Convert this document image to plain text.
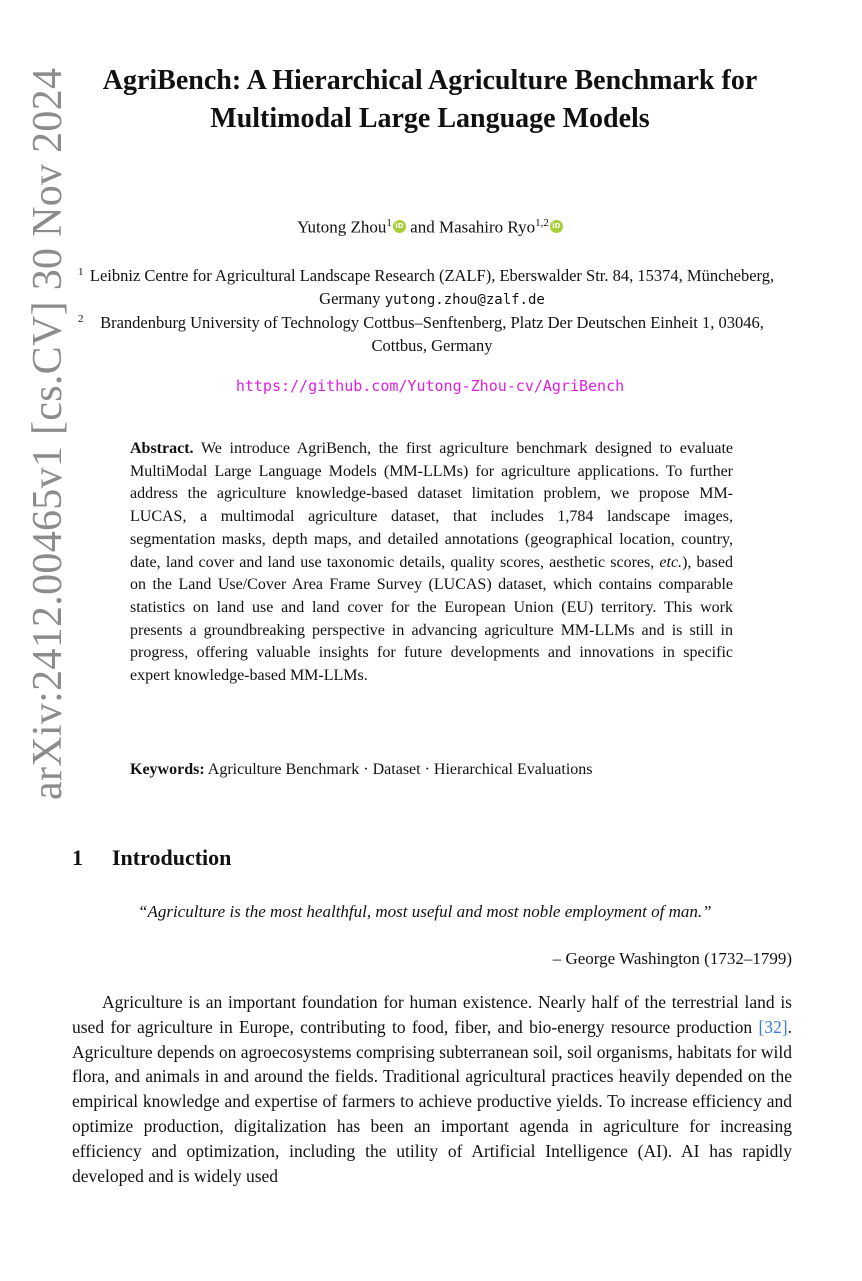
arXiv:2412.00465v1 [cs.CV] 30 Nov 2024	AgriBench: A Hierarchical Agriculture Benchmark for Multimodal Large Language Models
Yutong Zhou$^1$ iD and Masahiro Ryo$^{1,2}$ iD
1 Leibniz Centre for Agricultural Landscape Research (ZALF), Eberswalder Str. 84, 15374, Müncheberg, Germany yutong.zhou@zalf.de
2 Brandenburg University of Technology Cottbus–Senftenberg, Platz Der Deutschen Einheit 1, 03046, Cottbus, Germany
https://github.com/Yutong-Zhou-cv/AgriBench
Abstract. We introduce AgriBench, the first agriculture benchmark designed to evaluate MultiModal Large Language Models (MM-LLMs) for agriculture applications. To further address the agriculture knowledge-based dataset limitation problem, we propose MM-LUCAS, a multimodal agriculture dataset, that includes 1,784 landscape images, segmentation masks, depth maps, and detailed annotations (geographical location, country, date, land cover and land use taxonomic details, quality scores, aesthetic scores, etc.), based on the Land Use/Cover Area Frame Survey (LUCAS) dataset, which contains comparable statistics on land use and land cover for the European Union (EU) territory. This work presents a groundbreaking perspective in advancing agriculture MM-LLMs and is still in progress, offering valuable insights for future developments and innovations in specific expert knowledge-based MM-LLMs.
Keywords: Agriculture Benchmark · Dataset · Hierarchical Evaluations
1 Introduction
“Agriculture is the most healthful, most useful and most noble employment of man.”
– George Washington (1732–1799)
Agriculture is an important foundation for human existence. Nearly half of the terrestrial land is used for agriculture in Europe, contributing to food, fiber, and bio-energy resource production [32]. Agriculture depends on agroecosystems comprising subterranean soil, soil organisms, habitats for wild flora, and animals in and around the fields. Traditional agricultural practices heavily depended on the empirical knowledge and expertise of farmers to achieve productive yields. To increase efficiency and optimize production, digitalization has been an important agenda in agriculture for increasing efficiency and optimization, including the utility of Artificial Intelligence (AI). AI has rapidly developed and is widely used
